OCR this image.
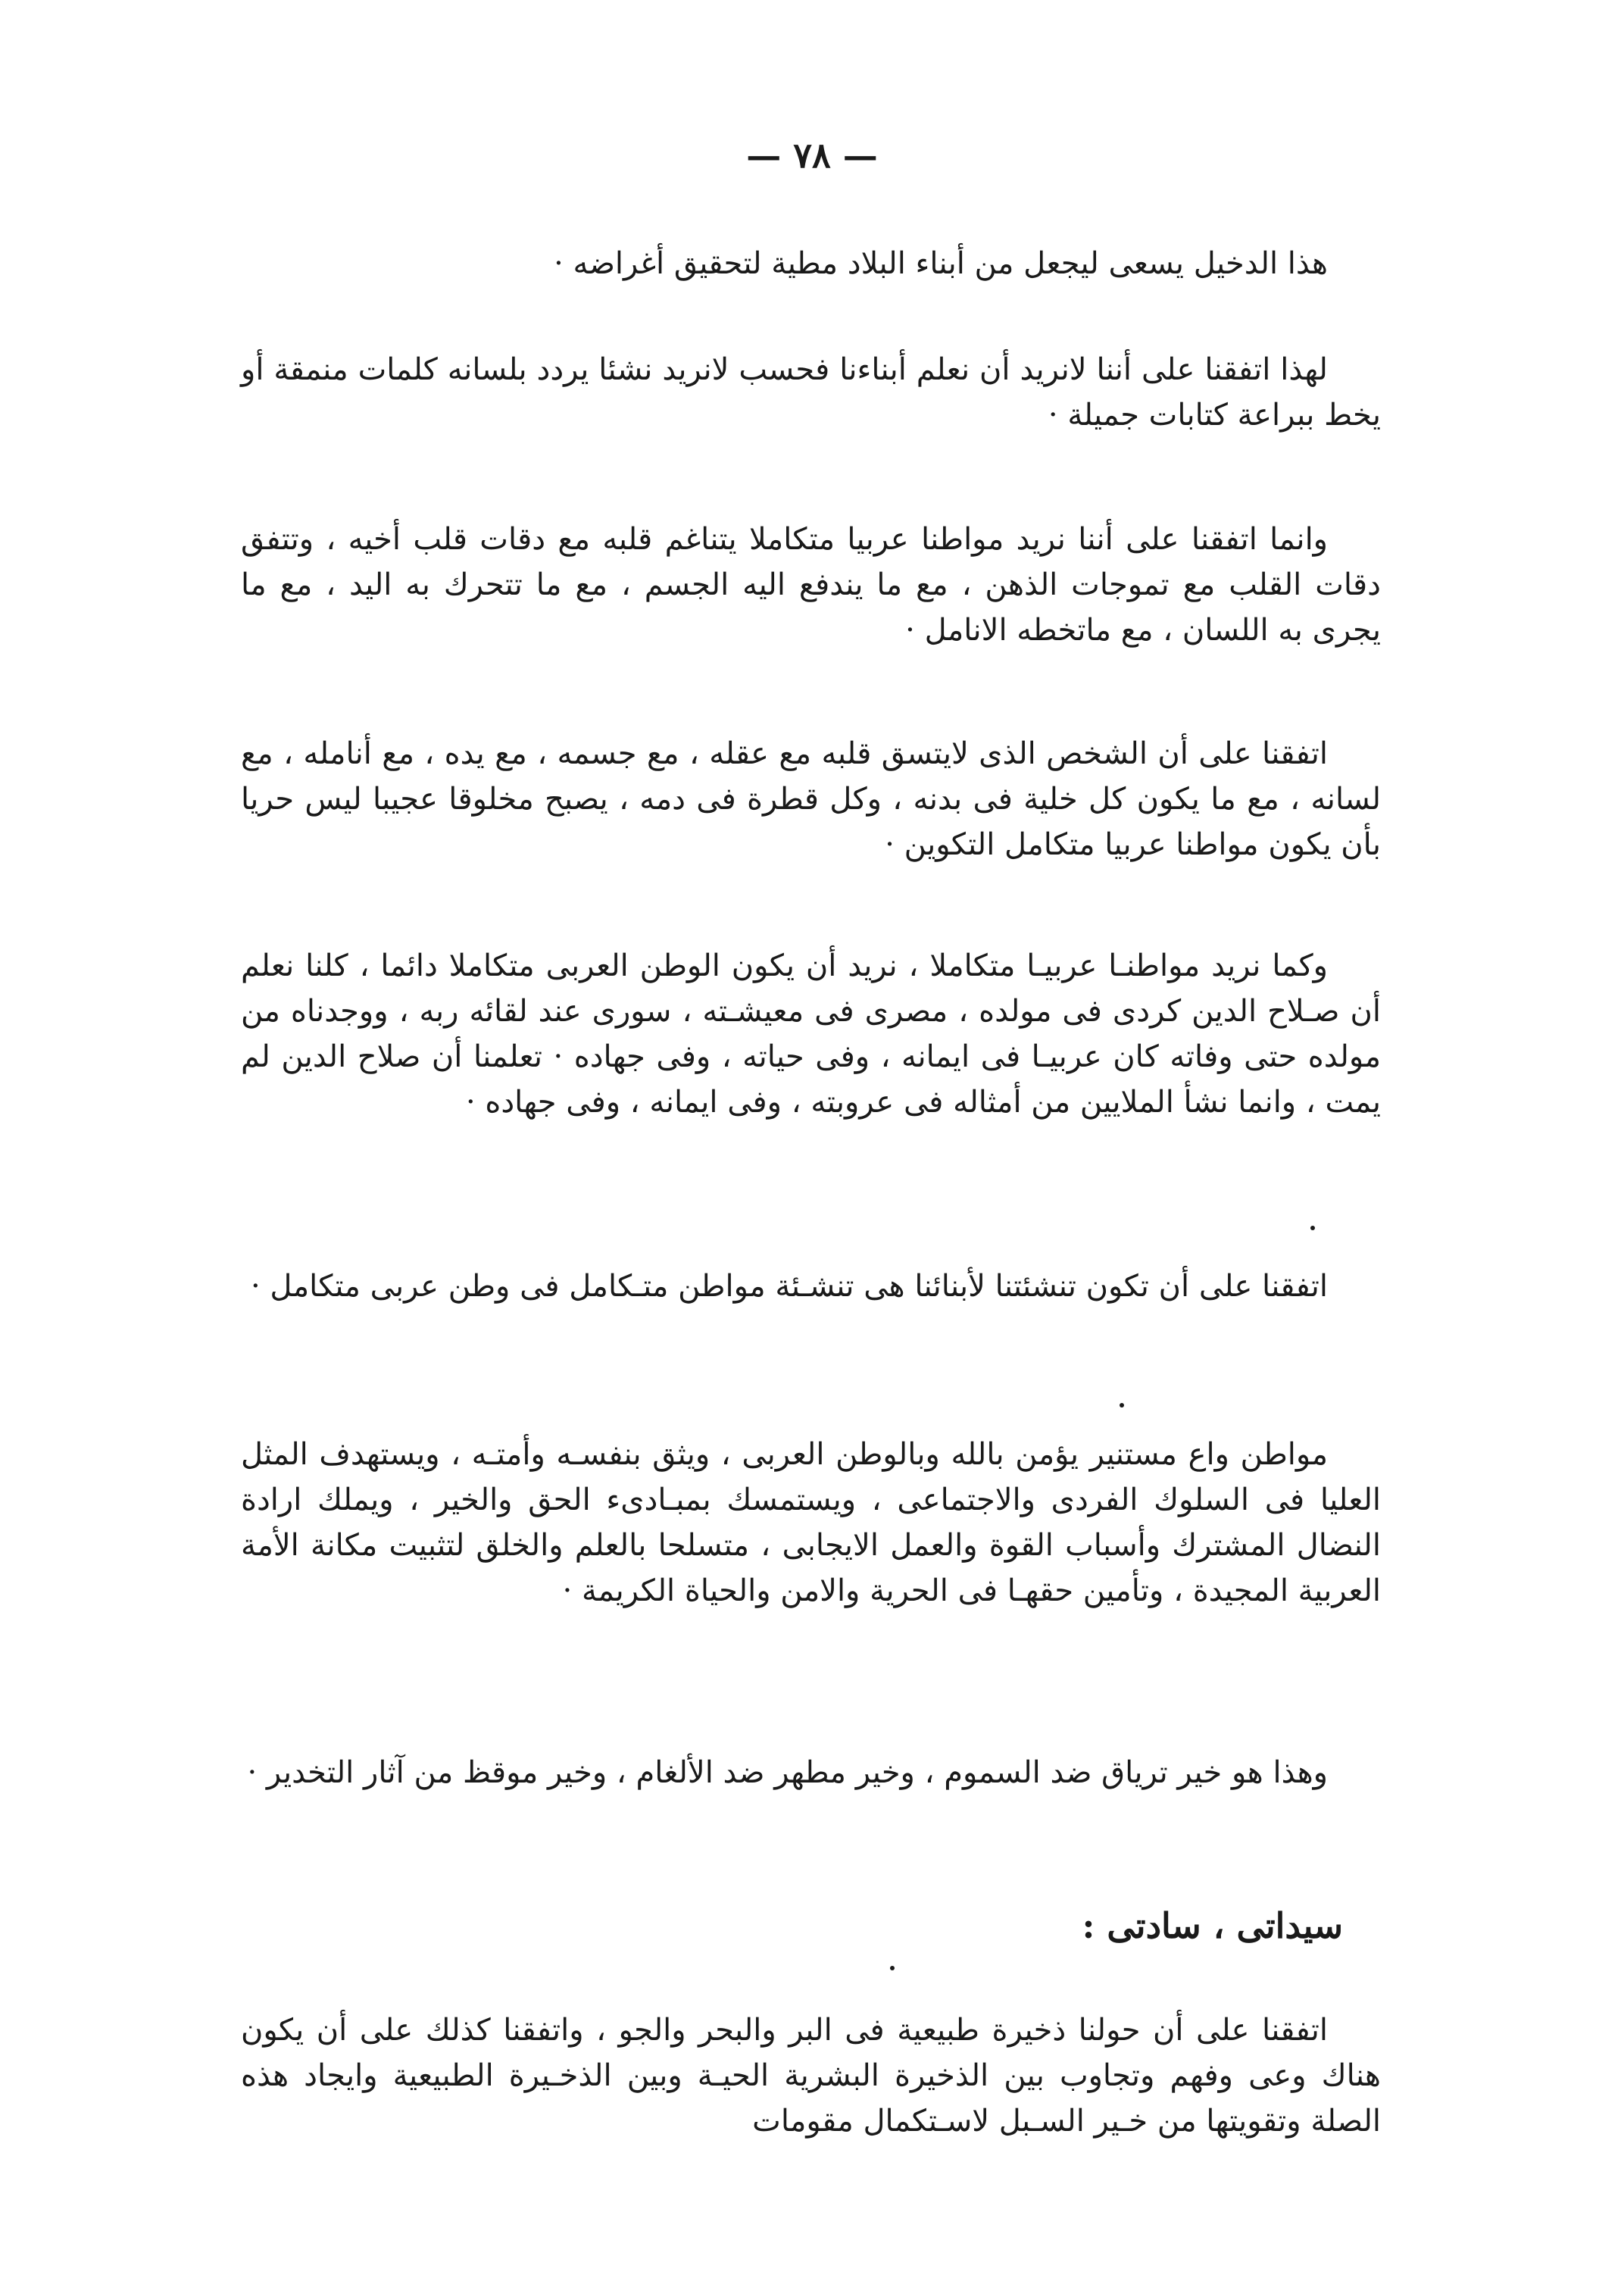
— ٧٨ —

هذا الدخيل يسعى ليجعل من أبناء البلاد مطية لتحقيق أغراضه ·

لهذا اتفقنا على أننا لانريد أن نعلم أبناءنا فحسب لانريد نشئا يردد بلسانه كلمات منمقة أو يخط ببراعة كتابات جميلة ·

وانما اتفقنا على أننا نريد مواطنا عربيا متكاملا يتناغم قلبه مع دقات قلب أخيه ، وتتفق دقات القلب مع تموجات الذهن ، مع ما يندفع اليه الجسم ، مع ما تتحرك به اليد ، مع ما يجرى به اللسان ، مع ماتخطه الانامل ·

اتفقنا على أن الشخص الذى لايتسق قلبه مع عقله ، مع جسمه ، مع يده ، مع أنامله ، مع لسانه ، مع ما يكون كل خلية فى بدنه ، وكل قطرة فى دمه ، يصبح مخلوقا عجيبا ليس حريا بأن يكون مواطنا عربيا متكامل التكوين ·

وكما نريد مواطنـا عربيـا متكاملا ، نريد أن يكون الوطن العربى متكاملا دائما ، كلنا نعلم أن صـلاح الدين كردى فى مولده ، مصرى فى معيشـته ، سورى عند لقائه ربه ، ووجدناه من مولده حتى وفاته كان عربيـا فى ايمانه ، وفى حياته ، وفى جهاده · تعلمنا أن صلاح الدين لم يمت ، وانما نشأ الملايين من أمثاله فى عروبته ، وفى ايمانه ، وفى جهاده ·

اتفقنا على أن تكون تنشئتنا لأبنائنا هى تنشـئة مواطن متـكامل فى وطن عربى متكامل ·

مواطن واع مستنير يؤمن بالله وبالوطن العربى ، ويثق بنفسـه وأمتـه ، ويستهدف المثل العليا فى السلوك الفردى والاجتماعى ، ويستمسك بمبـادىء الحق والخير ، ويملك ارادة النضال المشترك وأسباب القوة والعمل الايجابى ، متسلحا بالعلم والخلق لتثبيت مكانة الأمة العربية المجيدة ، وتأمين حقهـا فى الحرية والامن والحياة الكريمة ·

وهذا هو خير ترياق ضد السموم ، وخير مطهر ضد الألغام ، وخير موقظ من آثار التخدير ·

سيداتى ، سادتى :

اتفقنا على أن حولنا ذخيرة طبيعية فى البر والبحر والجو ، واتفقنا كذلك على أن يكون هناك وعى وفهم وتجاوب بين الذخيرة البشرية الحيـة وبين الذخـيرة الطبيعية وايجاد هذه الصلة وتقويتها من خـير السـبل لاسـتكمال مقومات
